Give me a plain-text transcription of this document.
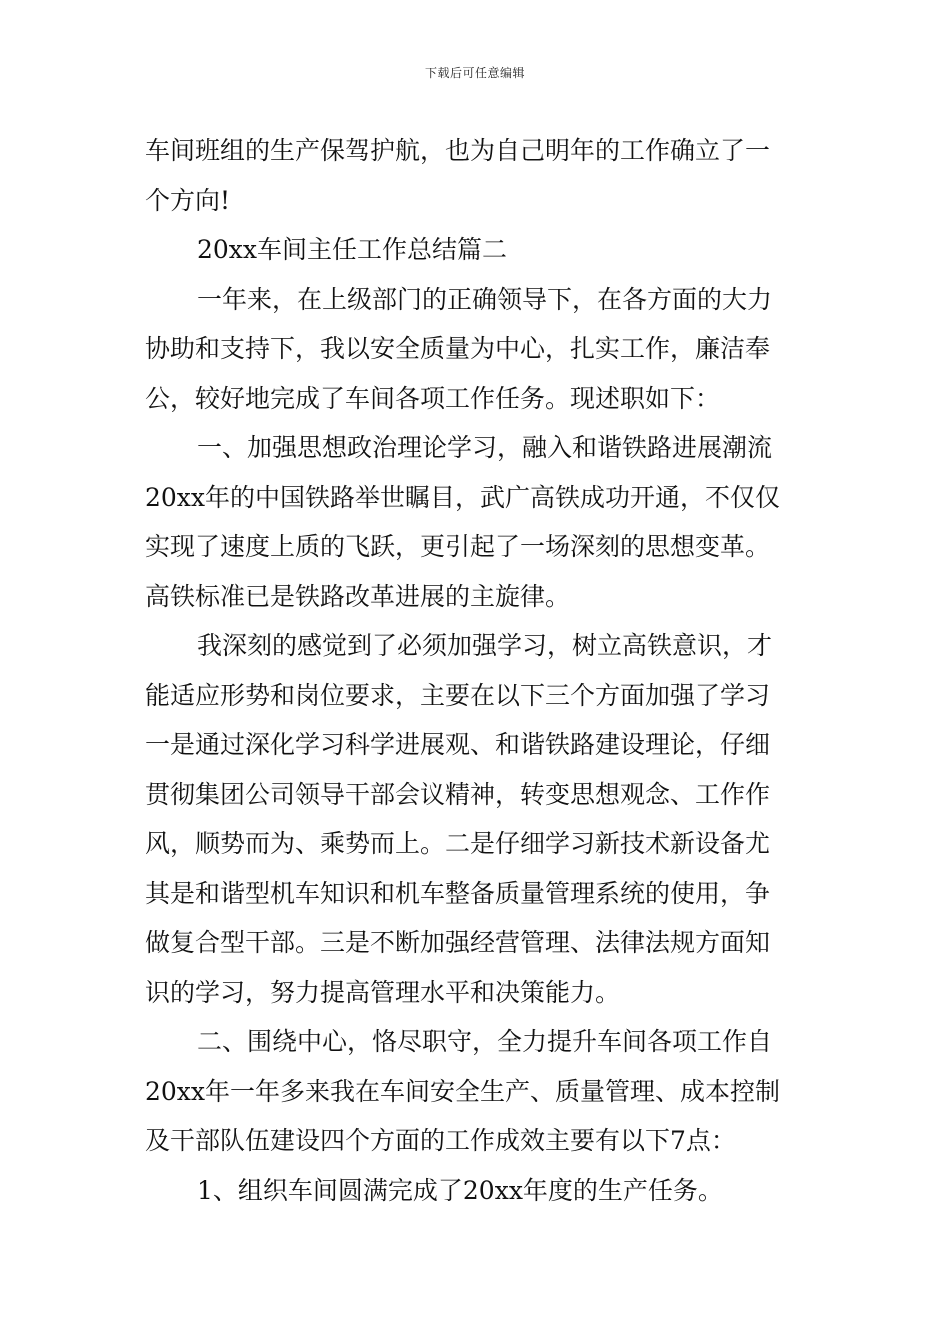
下载后可任意编辑
车间班组的生产保驾护航，也为自己明年的工作确立了一
个方向!
20xx车间主任工作总结篇二
一年来，在上级部门的正确领导下，在各方面的大力
协助和支持下，我以安全质量为中心，扎实工作，廉洁奉
公，较好地完成了车间各项工作任务。现述职如下：
一、加强思想政治理论学习，融入和谐铁路进展潮流
20xx年的中国铁路举世瞩目，武广高铁成功开通，不仅仅
实现了速度上质的飞跃，更引起了一场深刻的思想变革。
高铁标准已是铁路改革进展的主旋律。
我深刻的感觉到了必须加强学习，树立高铁意识，才
能适应形势和岗位要求，主要在以下三个方面加强了学习
一是通过深化学习科学进展观、和谐铁路建设理论，仔细
贯彻集团公司领导干部会议精神，转变思想观念、工作作
风，顺势而为、乘势而上。二是仔细学习新技术新设备尤
其是和谐型机车知识和机车整备质量管理系统的使用，争
做复合型干部。三是不断加强经营管理、法律法规方面知
识的学习，努力提高管理水平和决策能力。
二、围绕中心，恪尽职守，全力提升车间各项工作自
20xx年一年多来我在车间安全生产、质量管理、成本控制
及干部队伍建设四个方面的工作成效主要有以下7点：
1、组织车间圆满完成了20xx年度的生产任务。
